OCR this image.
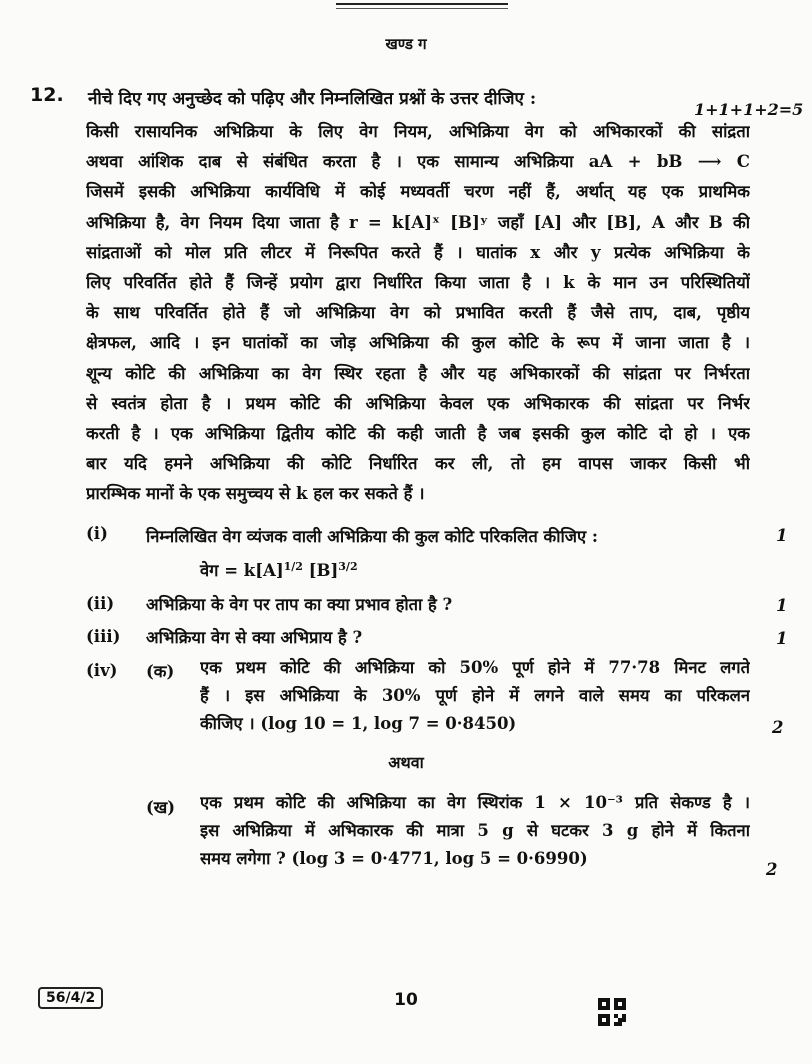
खण्ड ग
12. नीचे दिए गए अनुच्छेद को पढ़िए और निम्नलिखित प्रश्नों के उत्तर दीजिए :
1+1+1+2=5
किसी रासायनिक अभिक्रिया के लिए वेग नियम, अभिक्रिया वेग को अभिकारकों की सांद्रता
अथवा आंशिक दाब से संबंधित करता है । एक सामान्य अभिक्रिया aA + bB ⟶ C
जिसमें इसकी अभिक्रिया कार्यविधि में कोई मध्यवर्ती चरण नहीं हैं, अर्थात् यह एक प्राथमिक
अभिक्रिया है, वेग नियम दिया जाता है r = k[A]ˣ [B]ʸ जहाँ [A] और [B], A और B की
सांद्रताओं को मोल प्रति लीटर में निरूपित करते हैं । घातांक x और y प्रत्येक अभिक्रिया के
लिए परिवर्तित होते हैं जिन्हें प्रयोग द्वारा निर्धारित किया जाता है । k के मान उन परिस्थितियों
के साथ परिवर्तित होते हैं जो अभिक्रिया वेग को प्रभावित करती हैं जैसे ताप, दाब, पृष्ठीय
क्षेत्रफल, आदि । इन घातांकों का जोड़ अभिक्रिया की कुल कोटि के रूप में जाना जाता है ।
शून्य कोटि की अभिक्रिया का वेग स्थिर रहता है और यह अभिकारकों की सांद्रता पर निर्भरता
से स्वतंत्र होता है । प्रथम कोटि की अभिक्रिया केवल एक अभिकारक की सांद्रता पर निर्भर
करती है । एक अभिक्रिया द्वितीय कोटि की कही जाती है जब इसकी कुल कोटि दो हो । एक
बार यदि हमने अभिक्रिया की कोटि निर्धारित कर ली, तो हम वापस जाकर किसी भी
प्रारम्भिक मानों के एक समुच्चय से k हल कर सकते हैं ।
(i) निम्नलिखित वेग व्यंजक वाली अभिक्रिया की कुल कोटि परिकलित कीजिए :	1
वेग = $k[A]^{1/2}$ $[B]^{3/2}$
(ii) अभिक्रिया के वेग पर ताप का क्या प्रभाव होता है ?	1
(iii) अभिक्रिया वेग से क्या अभिप्राय है ?	1
(iv) (क) एक प्रथम कोटि की अभिक्रिया को 50% पूर्ण होने में 77·78 मिनट लगते
हैं । इस अभिक्रिया के 30% पूर्ण होने में लगने वाले समय का परिकलन
कीजिए । (log 10 = 1, log 7 = 0·8450)	2
अथवा
(ख) एक प्रथम कोटि की अभिक्रिया का वेग स्थिरांक 1 × 10⁻³ प्रति सेकण्ड है ।
इस अभिक्रिया में अभिकारक की मात्रा 5 g से घटकर 3 g होने में कितना
समय लगेगा ? (log 3 = 0·4771, log 5 = 0·6990)
2
56/4/2	10
